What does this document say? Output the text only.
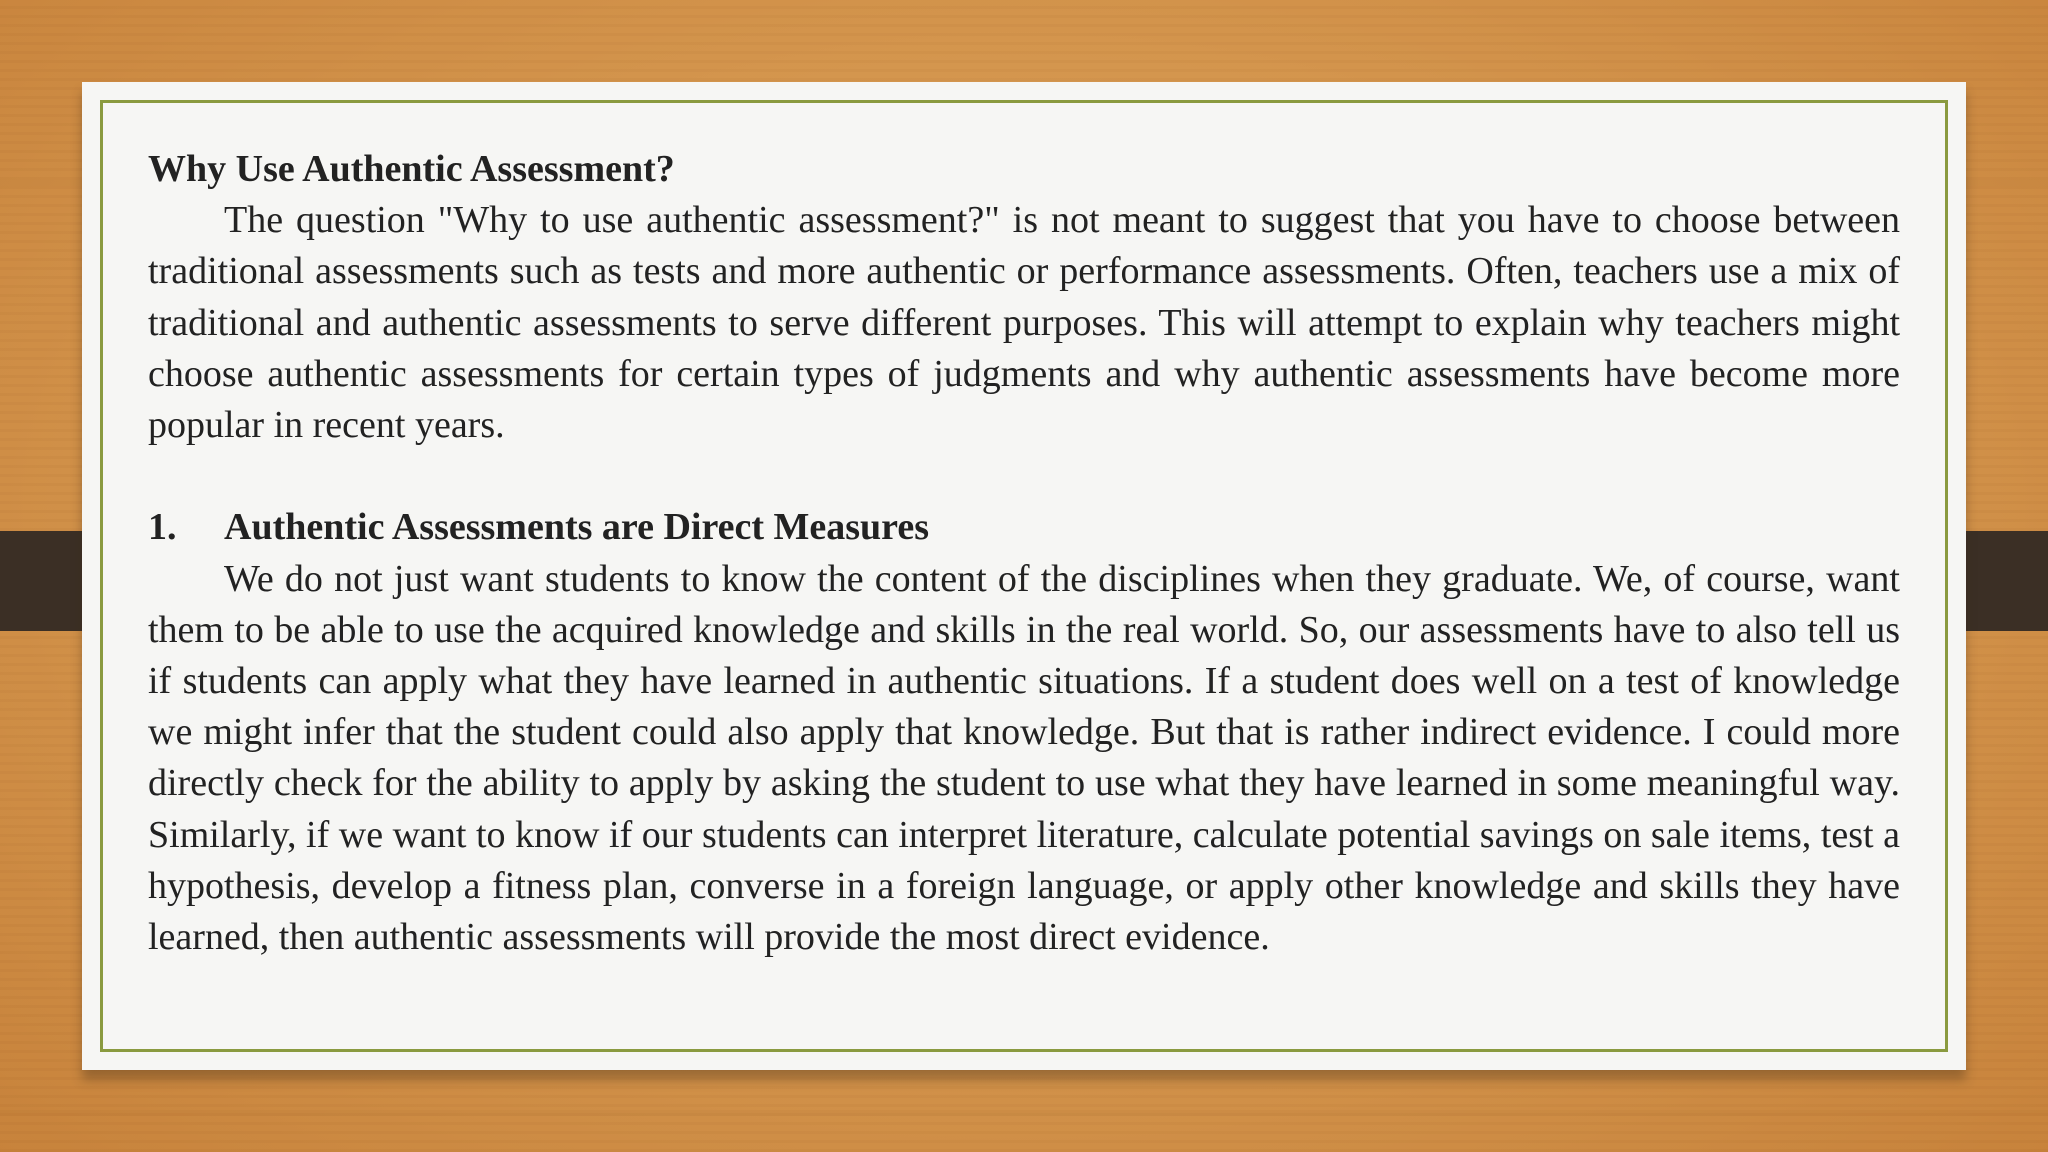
Why Use Authentic Assessment?

The question "Why to use authentic assessment?" is not meant to suggest that you have to choose between traditional assessments such as tests and more authentic or performance assessments. Often, teachers use a mix of traditional and authentic assessments to serve different purposes. This will attempt to explain why teachers might choose authentic assessments for certain types of judgments and why authentic assessments have become more popular in recent years.

1.	Authentic Assessments are Direct Measures

We do not just want students to know the content of the disciplines when they graduate. We, of course, want them to be able to use the acquired knowledge and skills in the real world. So, our assessments have to also tell us if students can apply what they have learned in authentic situations. If a student does well on a test of knowledge we might infer that the student could also apply that knowledge. But that is rather indirect evidence. I could more directly check for the ability to apply by asking the student to use what they have learned in some meaningful way. Similarly, if we want to know if our students can interpret literature, calculate potential savings on sale items, test a hypothesis, develop a fitness plan, converse in a foreign language, or apply other knowledge and skills they have learned, then authentic assessments will provide the most direct evidence.
